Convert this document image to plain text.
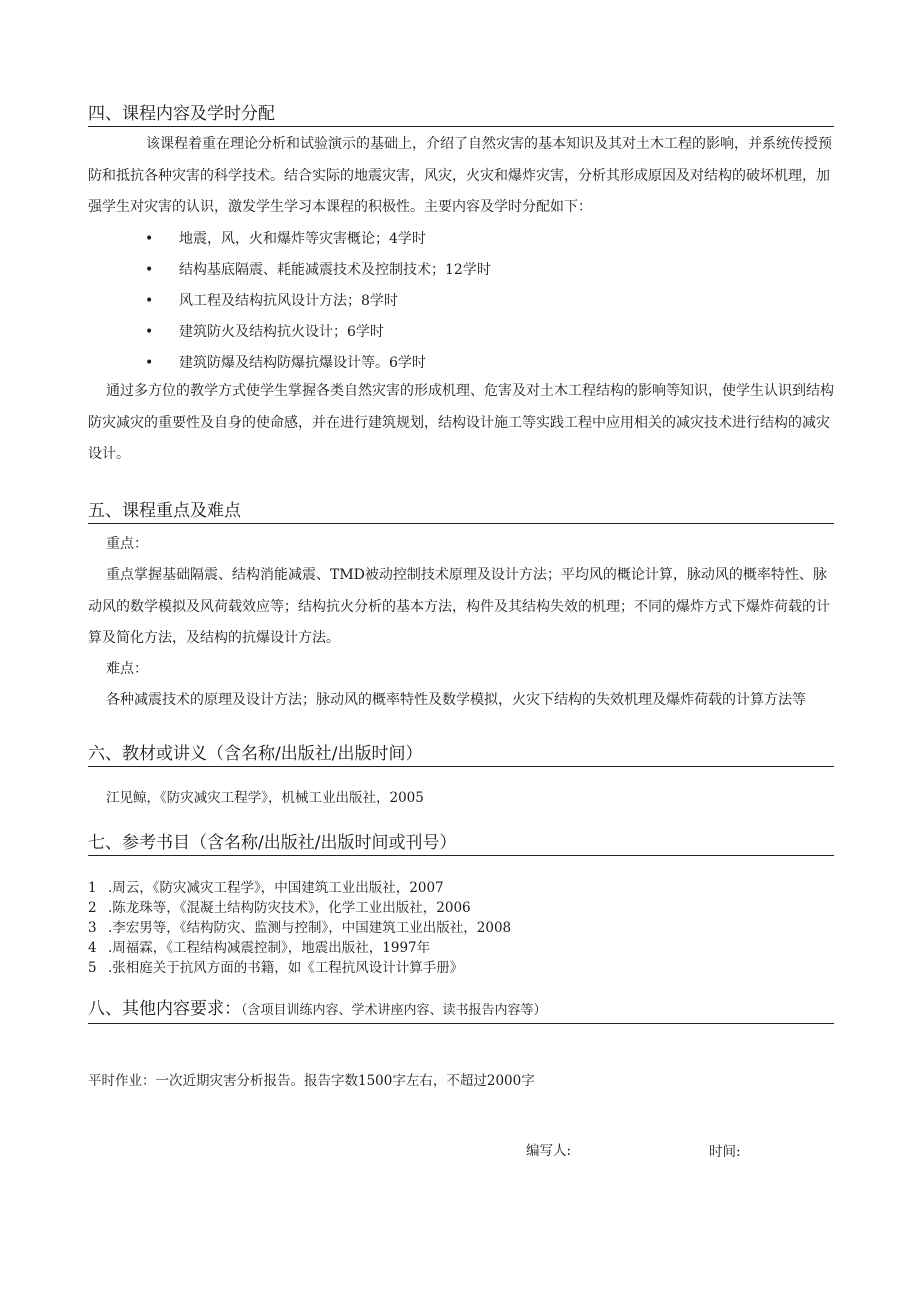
四、课程内容及学时分配
该课程着重在理论分析和试验演示的基础上，介绍了自然灾害的基本知识及其对土木工程的影响，并系统传授预防和抵抗各种灾害的科学技术。结合实际的地震灾害，风灾，火灾和爆炸灾害，分析其形成原因及对结构的破坏机理，加强学生对灾害的认识，激发学生学习本课程的积极性。主要内容及学时分配如下：
• 地震，风，火和爆炸等灾害概论；4学时
• 结构基底隔震、耗能减震技术及控制技术；12学时
• 风工程及结构抗风设计方法；8学时
• 建筑防火及结构抗火设计；6学时
• 建筑防爆及结构防爆抗爆设计等。6学时
通过多方位的教学方式使学生掌握各类自然灾害的形成机理、危害及对土木工程结构的影响等知识，使学生认识到结构防灾减灾的重要性及自身的使命感，并在进行建筑规划，结构设计施工等实践工程中应用相关的减灾技术进行结构的减灾设计。
五、课程重点及难点
重点：
重点掌握基础隔震、结构消能减震、TMD被动控制技术原理及设计方法；平均风的概论计算，脉动风的概率特性、脉动风的数学模拟及风荷载效应等；结构抗火分析的基本方法，构件及其结构失效的机理；不同的爆炸方式下爆炸荷载的计算及简化方法，及结构的抗爆设计方法。
难点：
各种减震技术的原理及设计方法；脉动风的概率特性及数学模拟，火灾下结构的失效机理及爆炸荷载的计算方法等
六、教材或讲义（含名称/出版社/出版时间）
江见鲸，《防灾减灾工程学》，机械工业出版社，2005
七、参考书目（含名称/出版社/出版时间或刊号）
1 .周云，《防灾减灾工程学》，中国建筑工业出版社，2007
2 .陈龙珠等，《混凝土结构防灾技术》，化学工业出版社，2006
3 .李宏男等，《结构防灾、监测与控制》，中国建筑工业出版社，2008
4 .周福霖，《工程结构减震控制》，地震出版社，1997年
5 .张相庭关于抗风方面的书籍，如《工程抗风设计计算手册》
八、其他内容要求：（含项目训练内容、学术讲座内容、读书报告内容等）
平时作业：一次近期灾害分析报告。报告字数1500字左右，不超过2000字
编写人:	时间:
